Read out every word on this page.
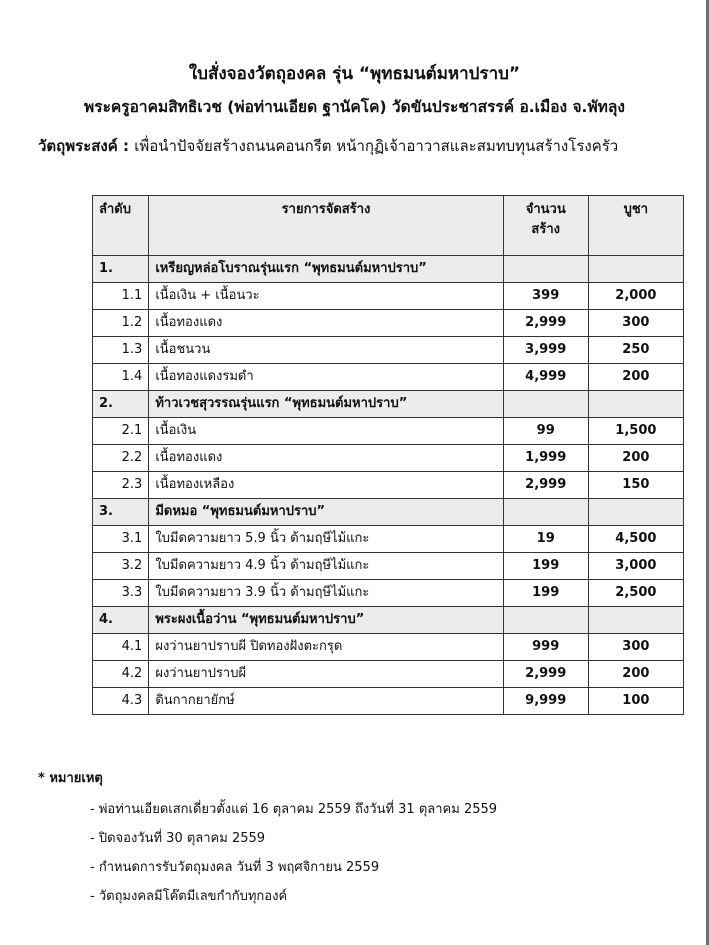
ใบสั่งจองวัตถุองคล รุ่น “พุทธมนต์มหาปราบ”
พระครูอาคมสิทธิเวช (พ่อท่านเอียด ฐานัคโค) วัดขันประชาสรรค์ อ.เมือง จ.พัทลุง
วัตถุพระสงค์ : เพื่อนำปัจจัยสร้างถนนคอนกรีต หน้ากุฏิเจ้าอาวาสและสมทบทุนสร้างโรงครัว
ลำดับ	รายการจัดสร้าง	จำนวน สร้าง	บูชา
1.	เหรียญหล่อโบราณรุ่นแรก “พุทธมนต์มหาปราบ”		
1.1	เนื้อเงิน + เนื้อนวะ	399	2,000
1.2	เนื้อทองแดง	2,999	300
1.3	เนื้อชนวน	3,999	250
1.4	เนื้อทองแดงรมดำ	4,999	200
2.	ท้าวเวชสุวรรณรุ่นแรก “พุทธมนต์มหาปราบ”		
2.1	เนื้อเงิน	99	1,500
2.2	เนื้อทองแดง	1,999	200
2.3	เนื้อทองเหลือง	2,999	150
3.	มีดหมอ “พุทธมนต์มหาปราบ”		
3.1	ใบมีดความยาว 5.9 นิ้ว ด้ามฤษีไม้แกะ	19	4,500
3.2	ใบมีดความยาว 4.9 นิ้ว ด้ามฤษีไม้แกะ	199	3,000
3.3	ใบมีดความยาว 3.9 นิ้ว ด้ามฤษีไม้แกะ	199	2,500
4.	พระผงเนื้อว่าน “พุทธมนต์มหาปราบ”		
4.1	ผงว่านยาปราบผี ปิดทองฝังตะกรุด	999	300
4.2	ผงว่านยาปราบผี	2,999	200
4.3	ดินกากยายักษ์	9,999	100
* หมายเหตุ
- พ่อท่านเอียดเสกเดี่ยวตั้งแต่ 16 ตุลาคม 2559 ถึงวันที่ 31 ตุลาคม 2559
- ปิดจองวันที่ 30 ตุลาคม 2559
- กำหนดการรับวัตถุมงคล วันที่ 3 พฤศจิกายน 2559
- วัตถุมงคลมีโค๊ตมีเลขกำกับทุกองค์
